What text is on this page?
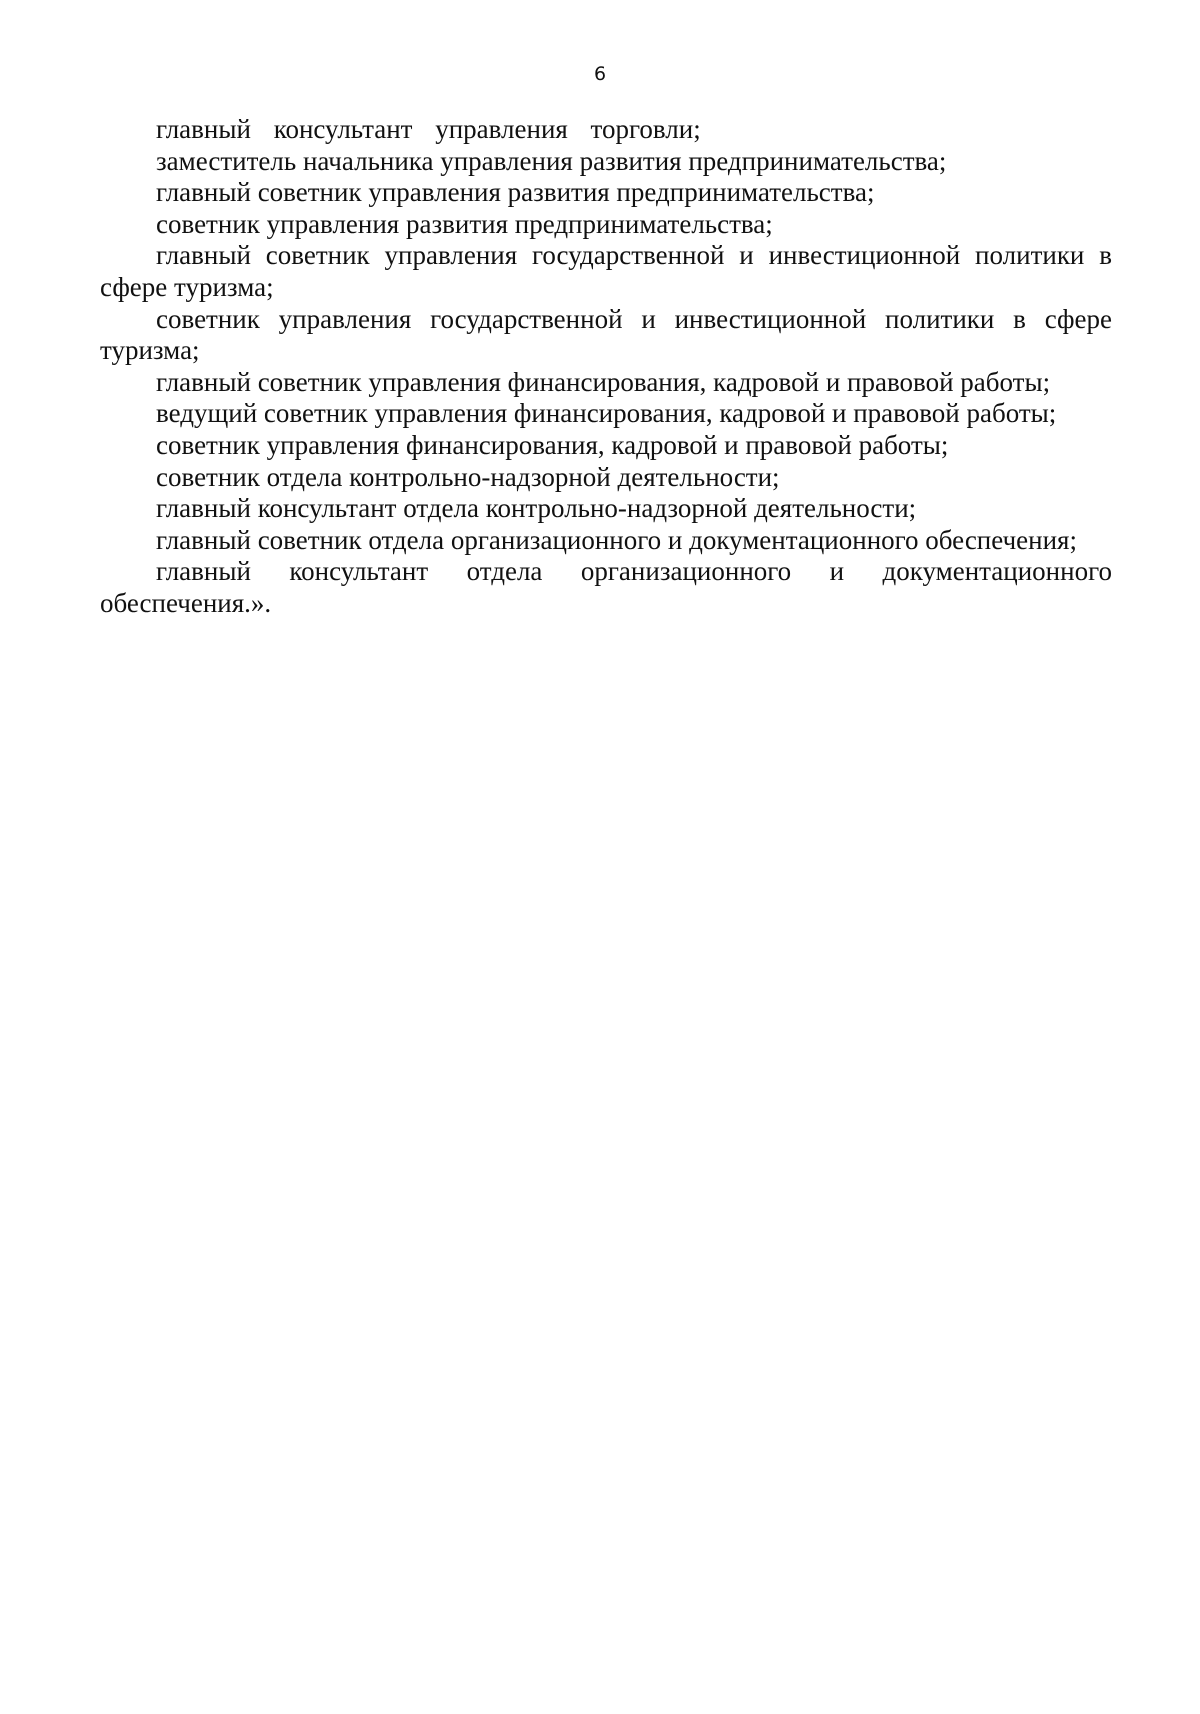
6

главный консультант управления торговли;

заместитель начальника управления развития предпринимательства;

главный советник управления развития предпринимательства;

советник управления развития предпринимательства;

главный советник управления государственной и инвестиционной политики в сфере туризма;

советник управления государственной и инвестиционной политики в сфере туризма;

главный советник управления финансирования, кадровой и правовой работы;

ведущий советник управления финансирования, кадровой и правовой работы;

советник управления финансирования, кадровой и правовой работы;

советник отдела контрольно-надзорной деятельности;

главный консультант отдела контрольно-надзорной деятельности;

главный советник отдела организационного и документационного обеспечения;

главный консультант отдела организационного и документационного обеспечения.».
